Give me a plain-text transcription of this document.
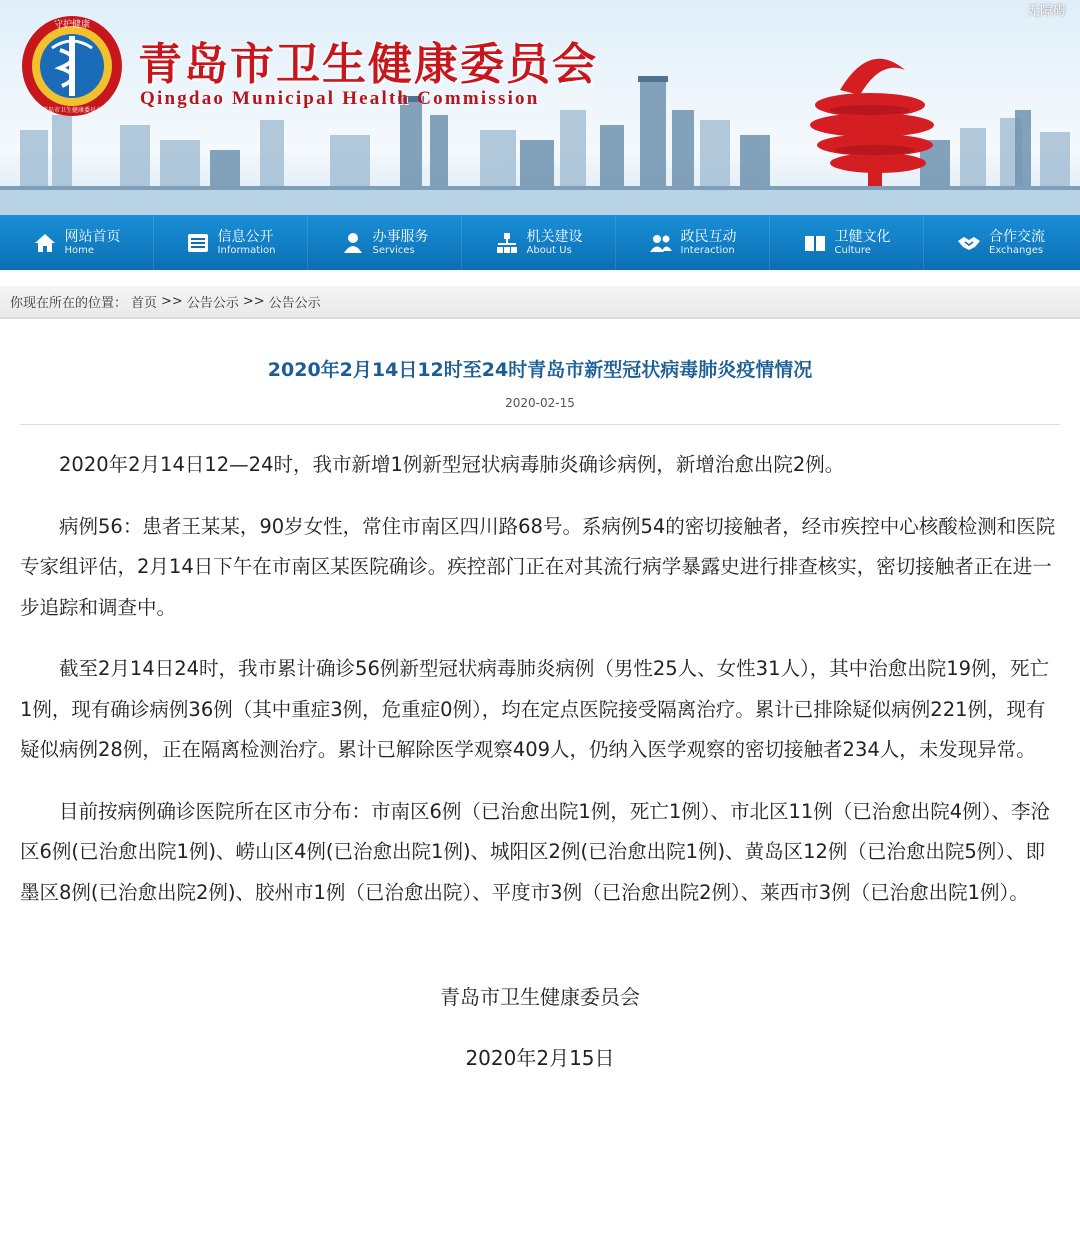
守护健康
青岛市卫生健康委员会
青岛市卫生健康委员会
Qingdao Municipal Health Commission
无障碍
网站首页
Home
信息公开
Information
办事服务
Services
机关建设
About Us
政民互动
Interaction
卫健文化
Culture
合作交流
Exchanges
你现在所在的位置： 首页 >> 公告公示 >> 公告公示
2020年2月14日12时至24时青岛市新型冠状病毒肺炎疫情情况
2020-02-15

2020年2月14日12—24时，我市新增1例新型冠状病毒肺炎确诊病例，新增治愈出院2例。

病例56：患者王某某，90岁女性，常住市南区四川路68号。系病例54的密切接触者，经市疾控中心核酸检测和医院专家组评估，2月14日下午在市南区某医院确诊。疾控部门正在对其流行病学暴露史进行排查核实，密切接触者正在进一步追踪和调查中。

截至2月14日24时，我市累计确诊56例新型冠状病毒肺炎病例（男性25人、女性31人），其中治愈出院19例，死亡1例，现有确诊病例36例（其中重症3例，危重症0例），均在定点医院接受隔离治疗。累计已排除疑似病例221例，现有疑似病例28例，正在隔离检测治疗。累计已解除医学观察409人，仍纳入医学观察的密切接触者234人，未发现异常。

目前按病例确诊医院所在区市分布：市南区6例（已治愈出院1例，死亡1例）、市北区11例（已治愈出院4例）、李沧区6例(已治愈出院1例)、崂山区4例(已治愈出院1例)、城阳区2例(已治愈出院1例)、黄岛区12例（已治愈出院5例）、即墨区8例(已治愈出院2例)、胶州市1例（已治愈出院）、平度市3例（已治愈出院2例）、莱西市3例（已治愈出院1例）。

青岛市卫生健康委员会
2020年2月15日
